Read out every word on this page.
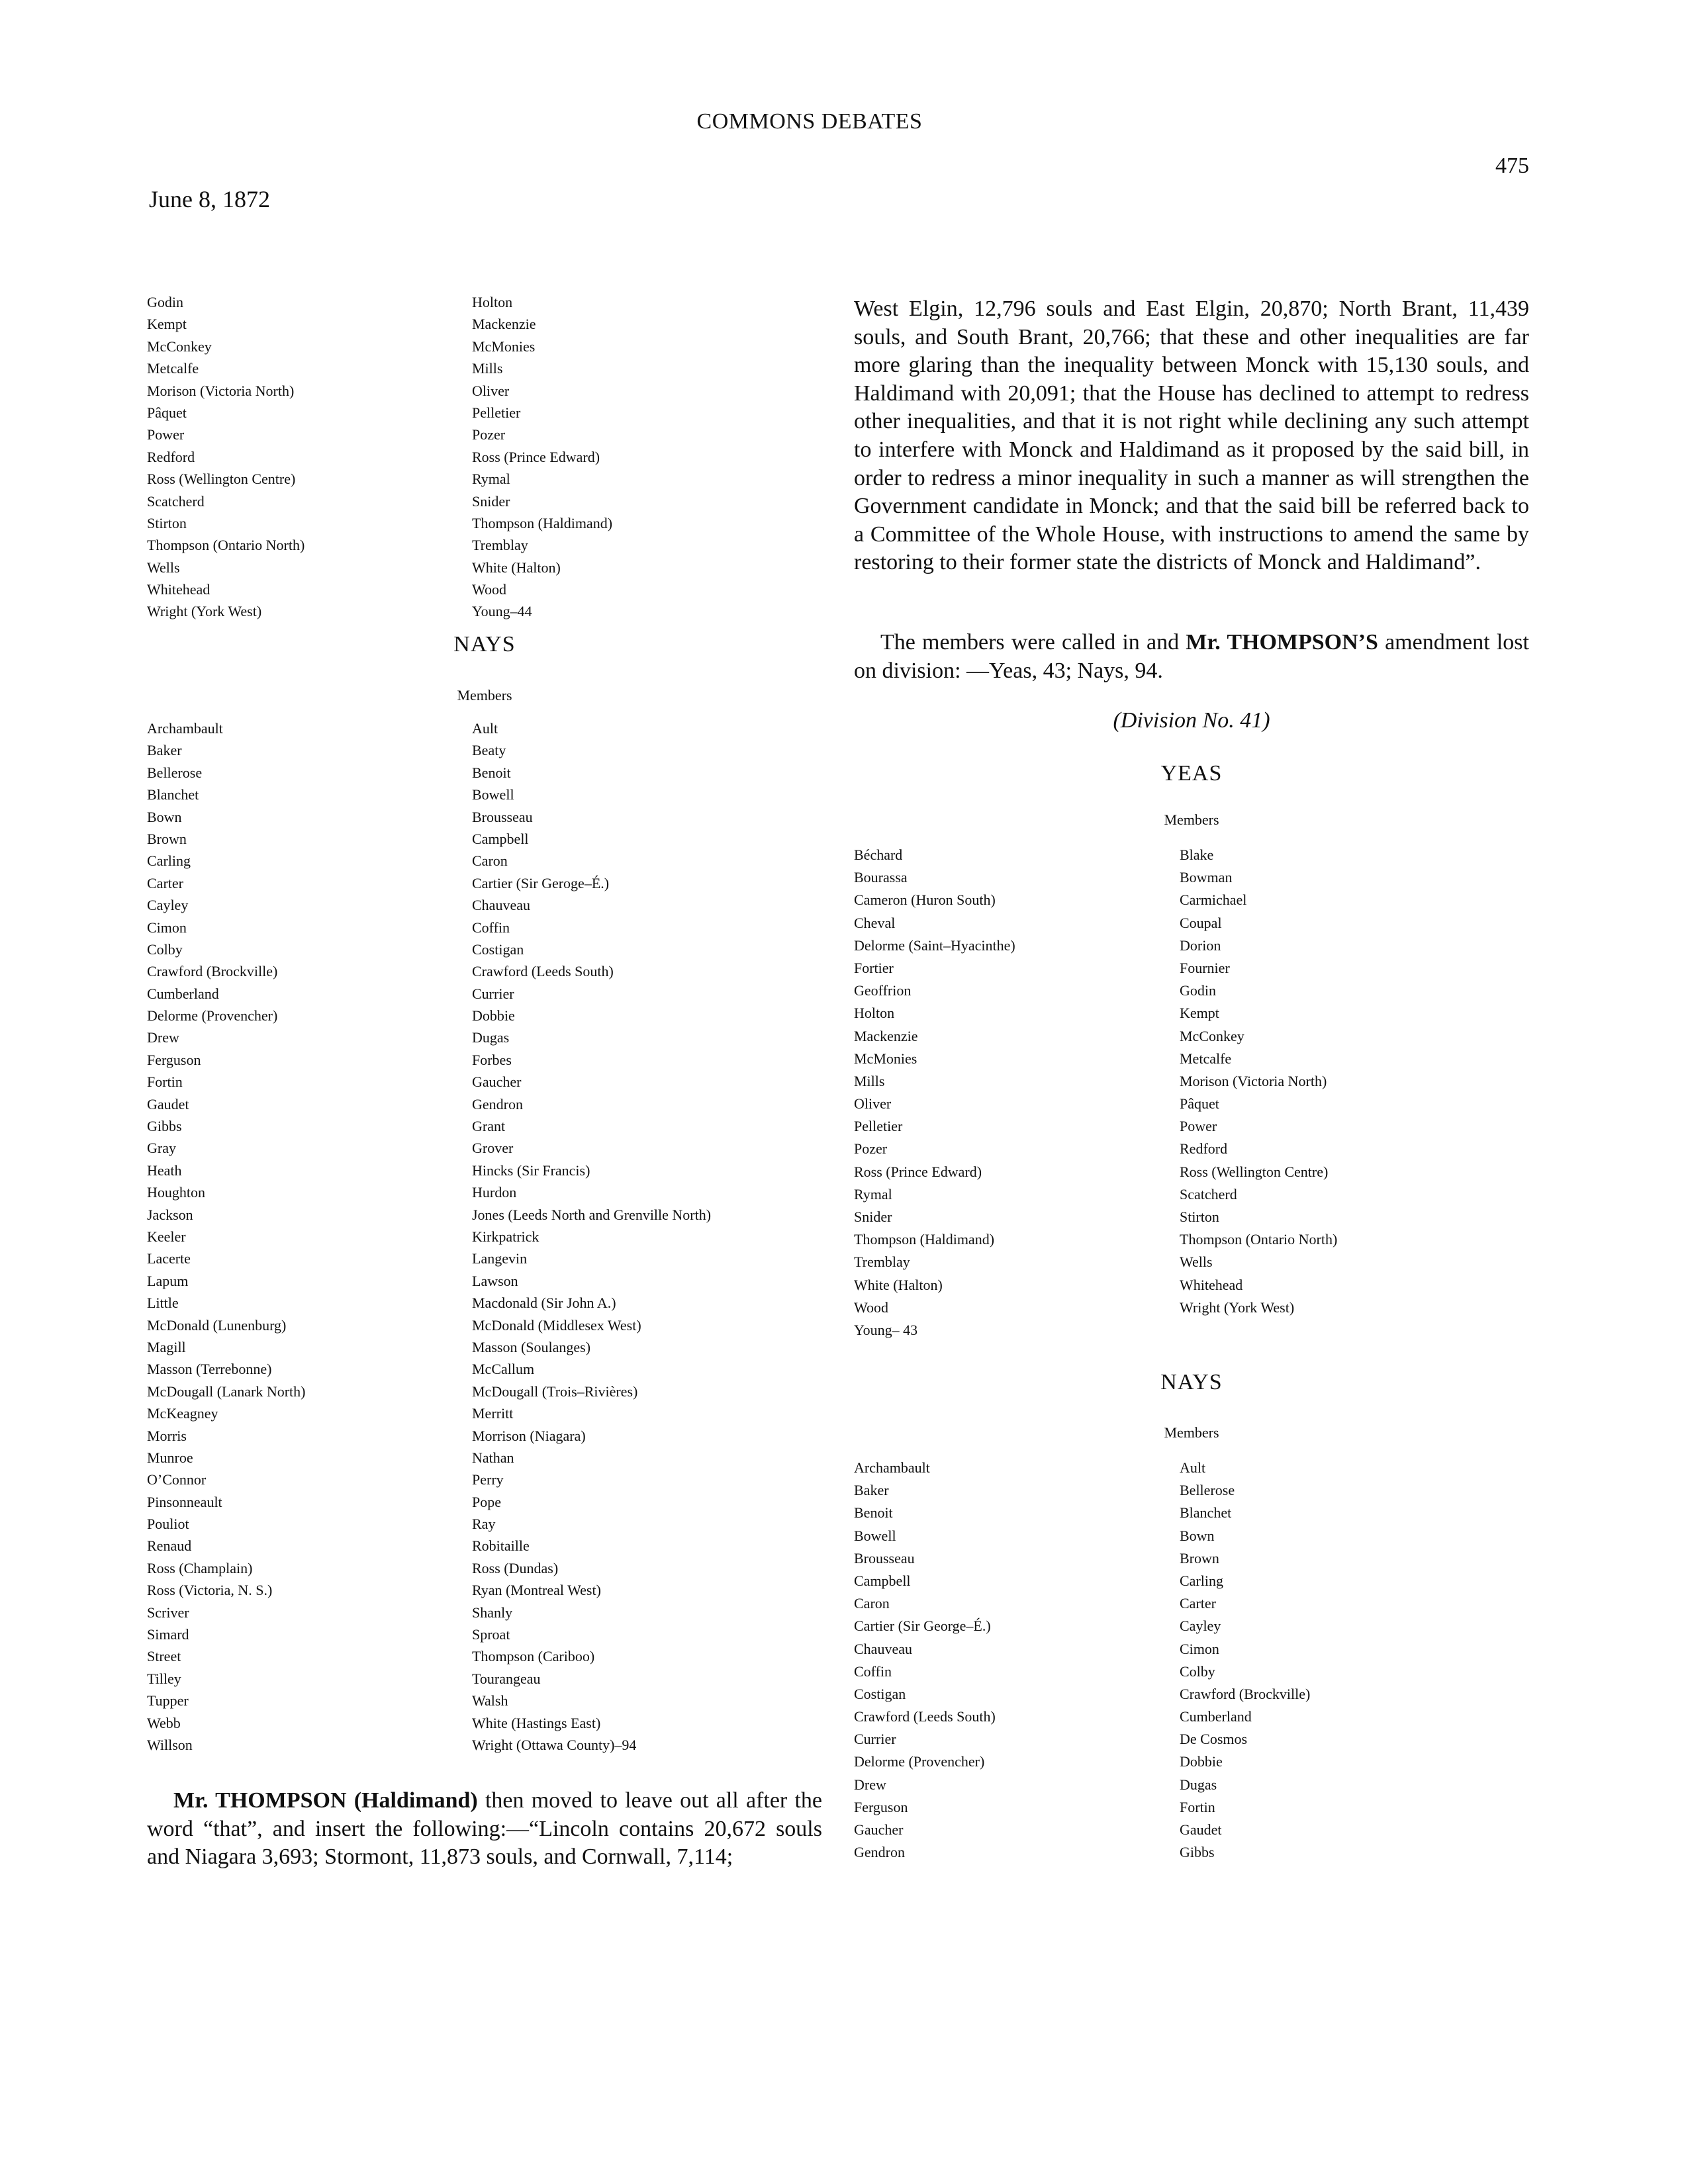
COMMONS DEBATES
475
June 8, 1872
Godin
Kempt
McConkey
Metcalfe
Morison (Victoria North)
Pâquet
Power
Redford
Ross (Wellington Centre)
Scatcherd
Stirton
Thompson (Ontario North)
Wells
Whitehead
Wright (York West)
Holton
Mackenzie
McMonies
Mills
Oliver
Pelletier
Pozer
Ross (Prince Edward)
Rymal
Snider
Thompson (Haldimand)
Tremblay
White (Halton)
Wood
Young–44
NAYS
Members
Archambault
Baker
Bellerose
Blanchet
Bown
Brown
Carling
Carter
Cayley
Cimon
Colby
Crawford (Brockville)
Cumberland
Delorme (Provencher)
Drew
Ferguson
Fortin
Gaudet
Gibbs
Gray
Heath
Houghton
Jackson
Keeler
Lacerte
Lapum
Little
McDonald (Lunenburg)
Magill
Masson (Terrebonne)
McDougall (Lanark North)
McKeagney
Morris
Munroe
O’Connor
Pinsonneault
Pouliot
Renaud
Ross (Champlain)
Ross (Victoria, N. S.)
Scriver
Simard
Street
Tilley
Tupper
Webb
Willson
Ault
Beaty
Benoit
Bowell
Brousseau
Campbell
Caron
Cartier (Sir Geroge–É.)
Chauveau
Coffin
Costigan
Crawford (Leeds South)
Currier
Dobbie
Dugas
Forbes
Gaucher
Gendron
Grant
Grover
Hincks (Sir Francis)
Hurdon
Jones (Leeds North and Grenville North)
Kirkpatrick
Langevin
Lawson
Macdonald (Sir John A.)
McDonald (Middlesex West)
Masson (Soulanges)
McCallum
McDougall (Trois–Rivières)
Merritt
Morrison (Niagara)
Nathan
Perry
Pope
Ray
Robitaille
Ross (Dundas)
Ryan (Montreal West)
Shanly
Sproat
Thompson (Cariboo)
Tourangeau
Walsh
White (Hastings East)
Wright (Ottawa County)–94

Mr. THOMPSON (Haldimand) then moved to leave out all after the word “that”, and insert the following:—“Lincoln contains 20,672 souls and Niagara 3,693; Stormont, 11,873 souls, and Cornwall, 7,114;

West Elgin, 12,796 souls and East Elgin, 20,870; North Brant, 11,439 souls, and South Brant, 20,766; that these and other inequalities are far more glaring than the inequality between Monck with 15,130 souls, and Haldimand with 20,091; that the House has declined to attempt to redress other inequalities, and that it is not right while declining any such attempt to interfere with Monck and Haldimand as it proposed by the said bill, in order to redress a minor inequality in such a manner as will strengthen the Government candidate in Monck; and that the said bill be referred back to a Committee of the Whole House, with instructions to amend the same by restoring to their former state the districts of Monck and Haldimand”.

The members were called in and Mr. THOMPSON’S amendment lost on division: —Yeas, 43; Nays, 94.

(Division No. 41)
YEAS
Members
Béchard
Bourassa
Cameron (Huron South)
Cheval
Delorme (Saint–Hyacinthe)
Fortier
Geoffrion
Holton
Mackenzie
McMonies
Mills
Oliver
Pelletier
Pozer
Ross (Prince Edward)
Rymal
Snider
Thompson (Haldimand)
Tremblay
White (Halton)
Wood
Young– 43
Blake
Bowman
Carmichael
Coupal
Dorion
Fournier
Godin
Kempt
McConkey
Metcalfe
Morison (Victoria North)
Pâquet
Power
Redford
Ross (Wellington Centre)
Scatcherd
Stirton
Thompson (Ontario North)
Wells
Whitehead
Wright (York West)
NAYS
Members
Archambault
Baker
Benoit
Bowell
Brousseau
Campbell
Caron
Cartier (Sir George–É.)
Chauveau
Coffin
Costigan
Crawford (Leeds South)
Currier
Delorme (Provencher)
Drew
Ferguson
Gaucher
Gendron
Ault
Bellerose
Blanchet
Bown
Brown
Carling
Carter
Cayley
Cimon
Colby
Crawford (Brockville)
Cumberland
De Cosmos
Dobbie
Dugas
Fortin
Gaudet
Gibbs
